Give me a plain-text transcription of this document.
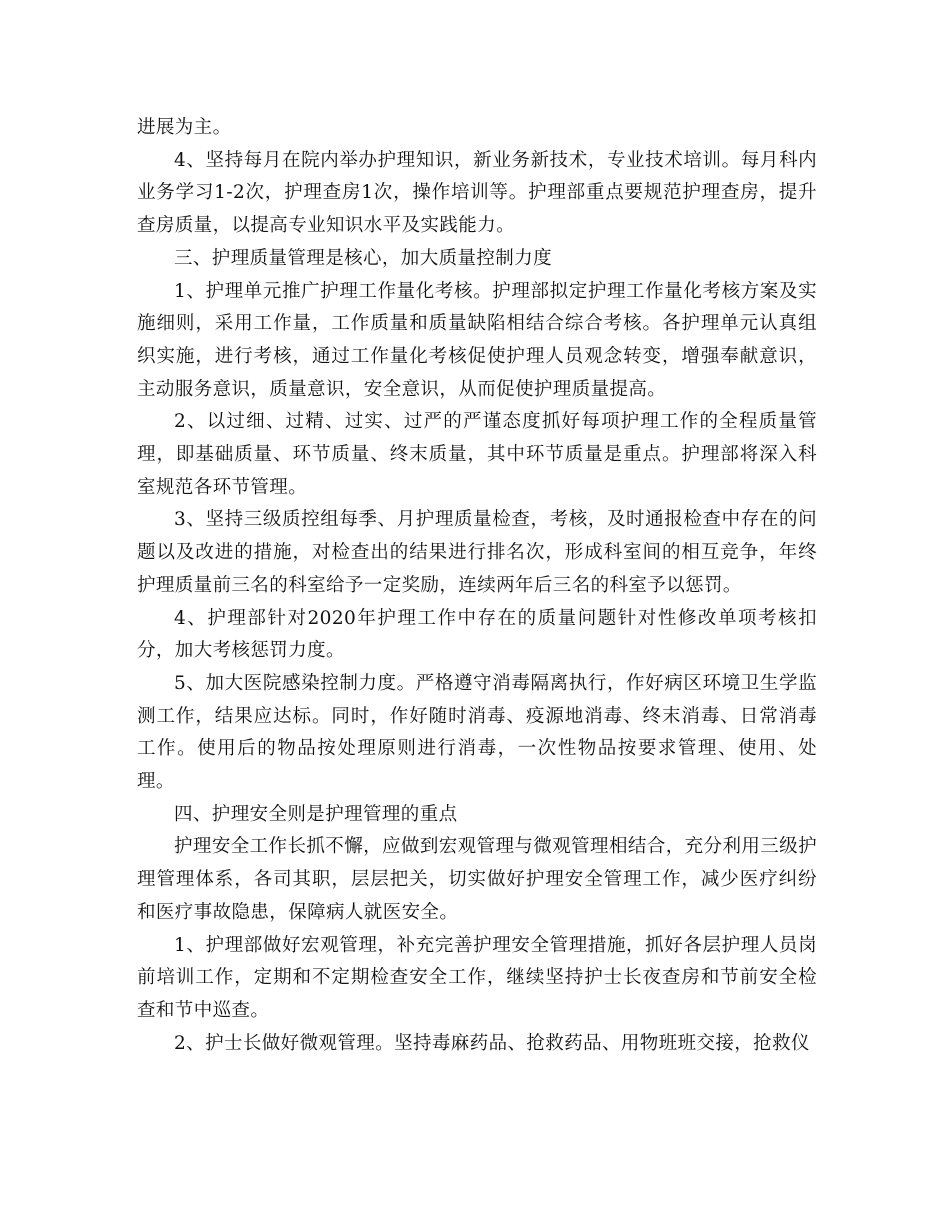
进展为主。

4、坚持每月在院内举办护理知识，新业务新技术，专业技术培训。每月科内业务学习1-2次，护理查房1次，操作培训等。护理部重点要规范护理查房，提升查房质量，以提高专业知识水平及实践能力。

三、护理质量管理是核心，加大质量控制力度

1、护理单元推广护理工作量化考核。护理部拟定护理工作量化考核方案及实施细则，采用工作量，工作质量和质量缺陷相结合综合考核。各护理单元认真组织实施，进行考核，通过工作量化考核促使护理人员观念转变，增强奉献意识，主动服务意识，质量意识，安全意识，从而促使护理质量提高。

2、以过细、过精、过实、过严的严谨态度抓好每项护理工作的全程质量管理，即基础质量、环节质量、终末质量，其中环节质量是重点。护理部将深入科室规范各环节管理。

3、坚持三级质控组每季、月护理质量检查，考核，及时通报检查中存在的问题以及改进的措施，对检查出的结果进行排名次，形成科室间的相互竞争，年终护理质量前三名的科室给予一定奖励，连续两年后三名的科室予以惩罚。

4、护理部针对2020年护理工作中存在的质量问题针对性修改单项考核扣分，加大考核惩罚力度。

5、加大医院感染控制力度。严格遵守消毒隔离执行，作好病区环境卫生学监测工作，结果应达标。同时，作好随时消毒、疫源地消毒、终末消毒、日常消毒工作。使用后的物品按处理原则进行消毒，一次性物品按要求管理、使用、处理。

四、护理安全则是护理管理的重点

护理安全工作长抓不懈，应做到宏观管理与微观管理相结合，充分利用三级护理管理体系，各司其职，层层把关，切实做好护理安全管理工作，减少医疗纠纷和医疗事故隐患，保障病人就医安全。

1、护理部做好宏观管理，补充完善护理安全管理措施，抓好各层护理人员岗前培训工作，定期和不定期检查安全工作，继续坚持护士长夜查房和节前安全检查和节中巡查。

2、护士长做好微观管理。坚持毒麻药品、抢救药品、用物班班交接，抢救仪
